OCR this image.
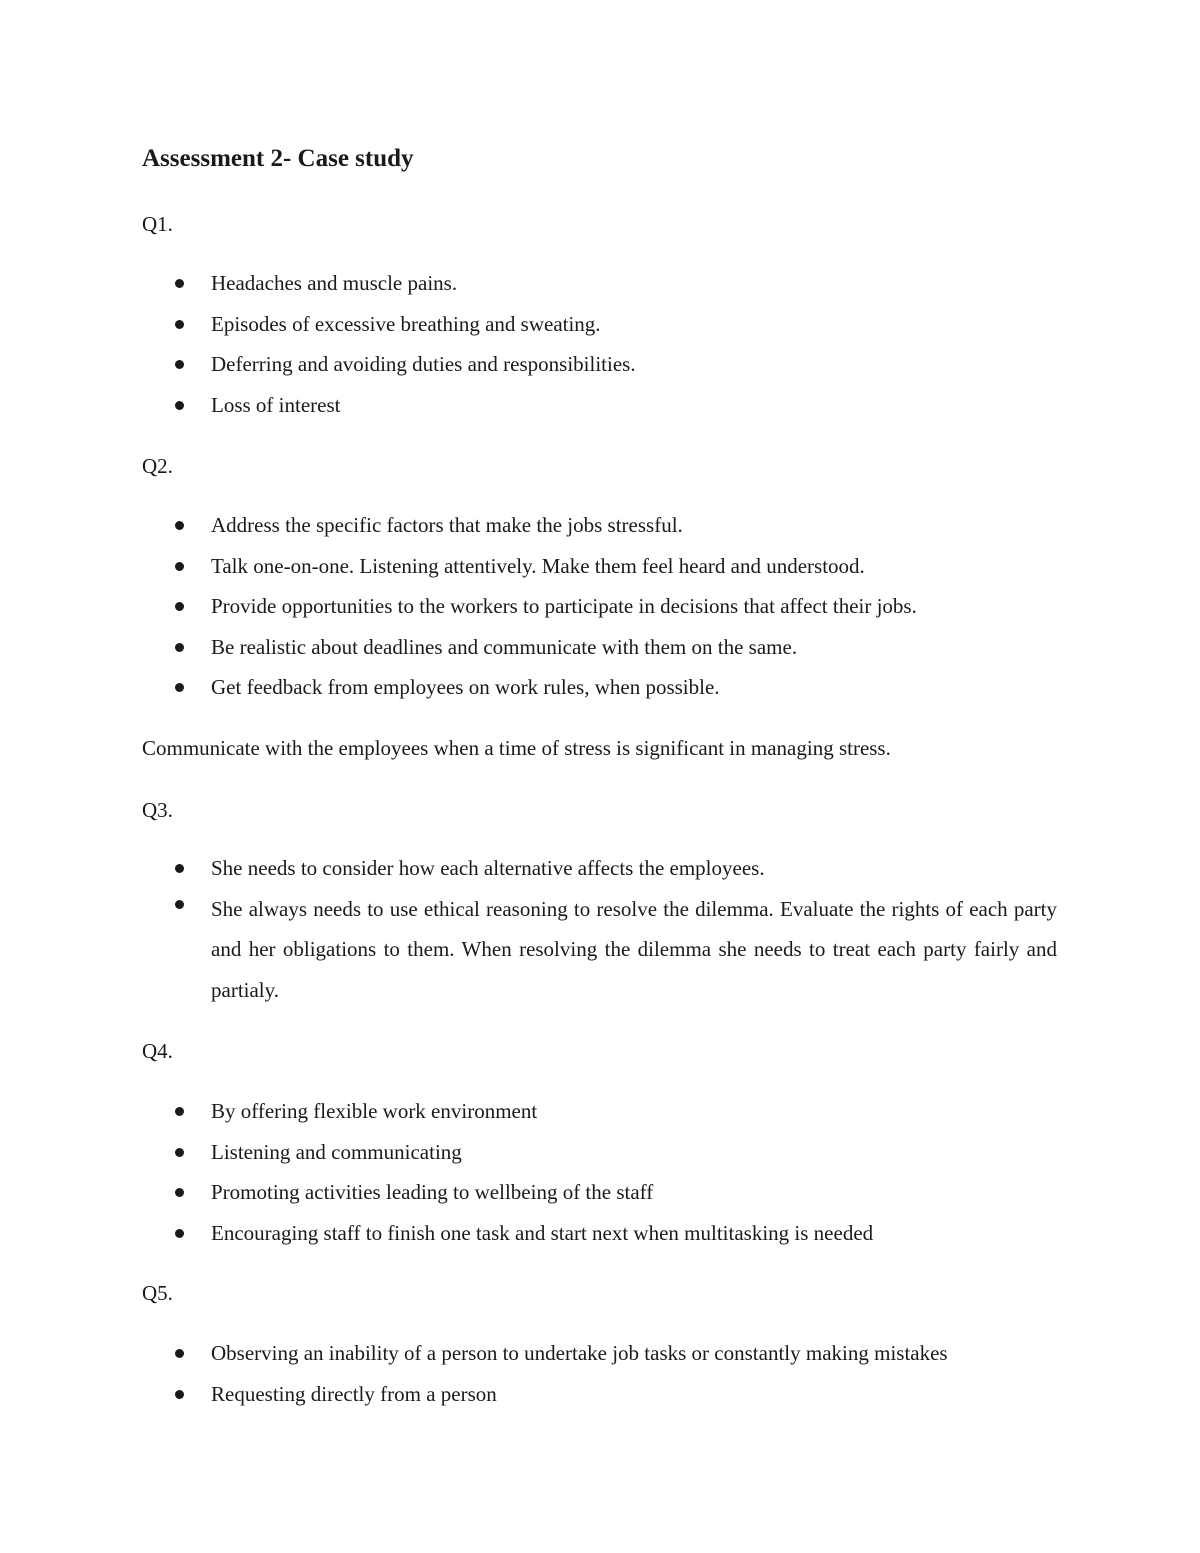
Assessment 2- Case study

Q1.

Headaches and muscle pains.
Episodes of excessive breathing and sweating.
Deferring and avoiding duties and responsibilities.
Loss of interest

Q2.

Address the specific factors that make the jobs stressful.
Talk one-on-one. Listening attentively. Make them feel heard and understood.
Provide opportunities to the workers to participate in decisions that affect their jobs.
Be realistic about deadlines and communicate with them on the same.
Get feedback from employees on work rules, when possible.

Communicate with the employees when a time of stress is significant in managing stress.

Q3.

She needs to consider how each alternative affects the employees.
She always needs to use ethical reasoning to resolve the dilemma. Evaluate the rights of each party and her obligations to them. When resolving the dilemma she needs to treat each party fairly and partialy.

Q4.

By offering flexible work environment
Listening and communicating
Promoting activities leading to wellbeing of the staff
Encouraging staff to finish one task and start next when multitasking is needed

Q5.

Observing an inability of a person to undertake job tasks or constantly making mistakes
Requesting directly from a person
